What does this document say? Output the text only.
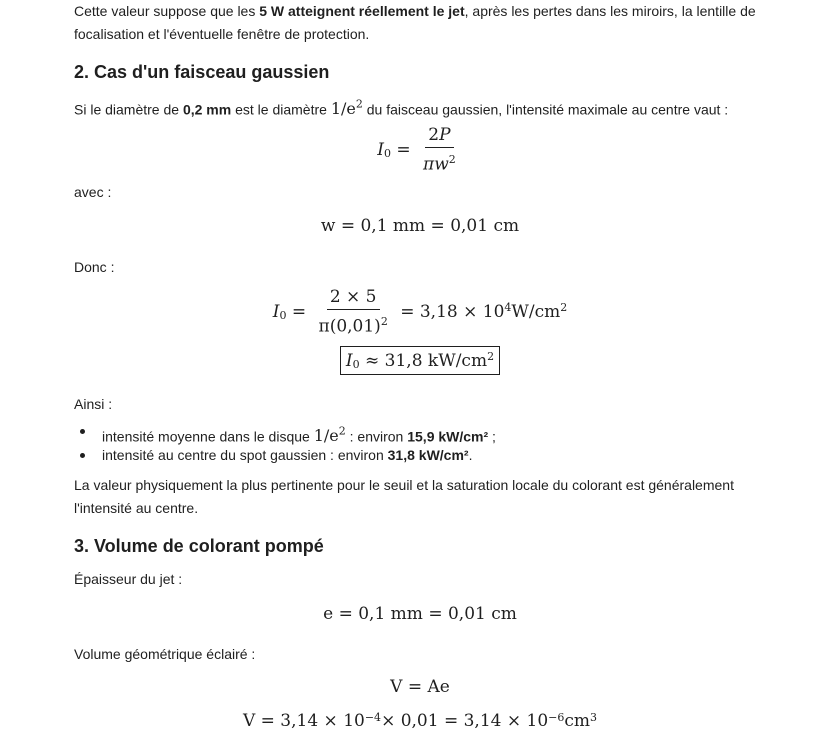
Cette valeur suppose que les 5 W atteignent réellement le jet, après les pertes dans les miroirs, la lentille de focalisation et l'éventuelle fenêtre de protection.
2. Cas d'un faisceau gaussien
Si le diamètre de 0,2 mm est le diamètre $1/e^2$ du faisceau gaussien, l'intensité maximale au centre vaut :
$I_0 = \frac{2P}{\pi w^2}$
avec :
w = 0,1 mm = 0,01 cm
Donc :
$I_0 = \frac{2 \times 5}{\pi(0,01)^2}$
= $3,18 \times 10^4$ $W/cm^2$
$I_0$
≈ 31,8 $kW/cm^2$
Ainsi :
intensité moyenne dans le disque $1/e^2$ : environ 15,9 kW/cm² ;
intensité au centre du spot gaussien : environ 31,8 kW/cm².
La valeur physiquement la plus pertinente pour le seuil et la saturation locale du colorant est généralement l'intensité au centre.
3. Volume de colorant pompé
Épaisseur du jet :
e = 0,1 mm = 0,01 cm
Volume géométrique éclairé :
V = Ae
$V = 3,14 \times 10^{-4} \times 0,01 = 3,14 \times 10^{-6}$ $cm^3$
